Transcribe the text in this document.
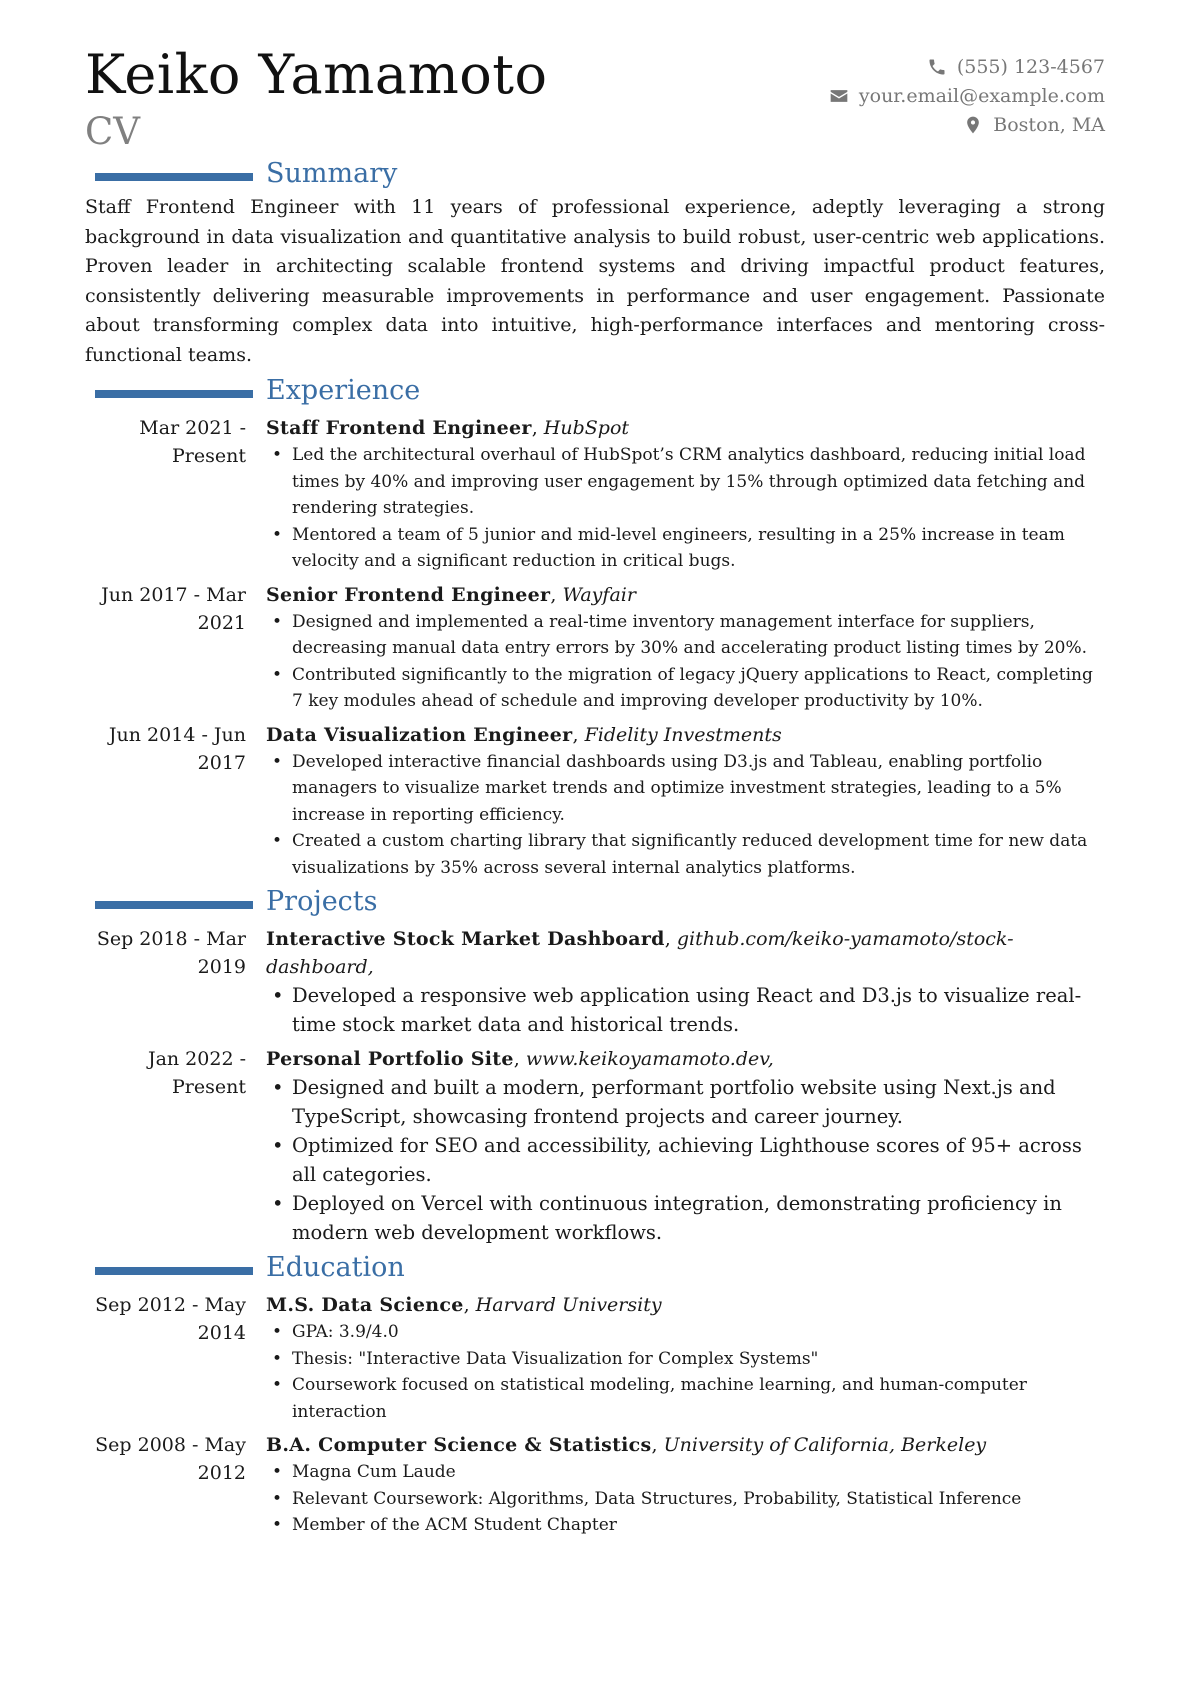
Keiko Yamamoto
CV
(555) 123-4567
your.email@example.com
Boston, MA
Summary

Staff Frontend Engineer with 11 years of professional experience, adeptly leveraging a strong background in data visualization and quantitative analysis to build robust, user-centric web applications. Proven leader in architecting scalable frontend systems and driving impactful product features, consistently delivering measurable improvements in performance and user engagement. Passionate about transforming complex data into intuitive, high-performance interfaces and mentoring cross-functional teams.

Experience
Mar 2021 - Present
Staff Frontend Engineer, HubSpot
• Led the architectural overhaul of HubSpot’s CRM analytics dashboard, reducing initial load times by 40% and improving user engagement by 15% through optimized data fetching and rendering strategies.
• Mentored a team of 5 junior and mid-level engineers, resulting in a 25% increase in team velocity and a significant reduction in critical bugs.
Jun 2017 - Mar 2021
Senior Frontend Engineer, Wayfair
• Designed and implemented a real-time inventory management interface for suppliers, decreasing manual data entry errors by 30% and accelerating product listing times by 20%.
• Contributed significantly to the migration of legacy jQuery applications to React, completing 7 key modules ahead of schedule and improving developer productivity by 10%.
Jun 2014 - Jun 2017
Data Visualization Engineer, Fidelity Investments
• Developed interactive financial dashboards using D3.js and Tableau, enabling portfolio managers to visualize market trends and optimize investment strategies, leading to a 5% increase in reporting efficiency.
• Created a custom charting library that significantly reduced development time for new data visualizations by 35% across several internal analytics platforms.
Projects
Sep 2018 - Mar 2019
Interactive Stock Market Dashboard, github.com/keiko-yamamoto/stock-dashboard,
• Developed a responsive web application using React and D3.js to visualize real-time stock market data and historical trends.
Jan 2022 - Present
Personal Portfolio Site, www.keikoyamamoto.dev,
• Designed and built a modern, performant portfolio website using Next.js and TypeScript, showcasing frontend projects and career journey.
• Optimized for SEO and accessibility, achieving Lighthouse scores of 95+ across all categories.
• Deployed on Vercel with continuous integration, demonstrating proficiency in modern web development workflows.
Education
Sep 2012 - May 2014
M.S. Data Science, Harvard University
• GPA: 3.9/4.0
• Thesis: "Interactive Data Visualization for Complex Systems"
• Coursework focused on statistical modeling, machine learning, and human-computer interaction
Sep 2008 - May 2012
B.A. Computer Science & Statistics, University of California, Berkeley
• Magna Cum Laude
• Relevant Coursework: Algorithms, Data Structures, Probability, Statistical Inference
• Member of the ACM Student Chapter
